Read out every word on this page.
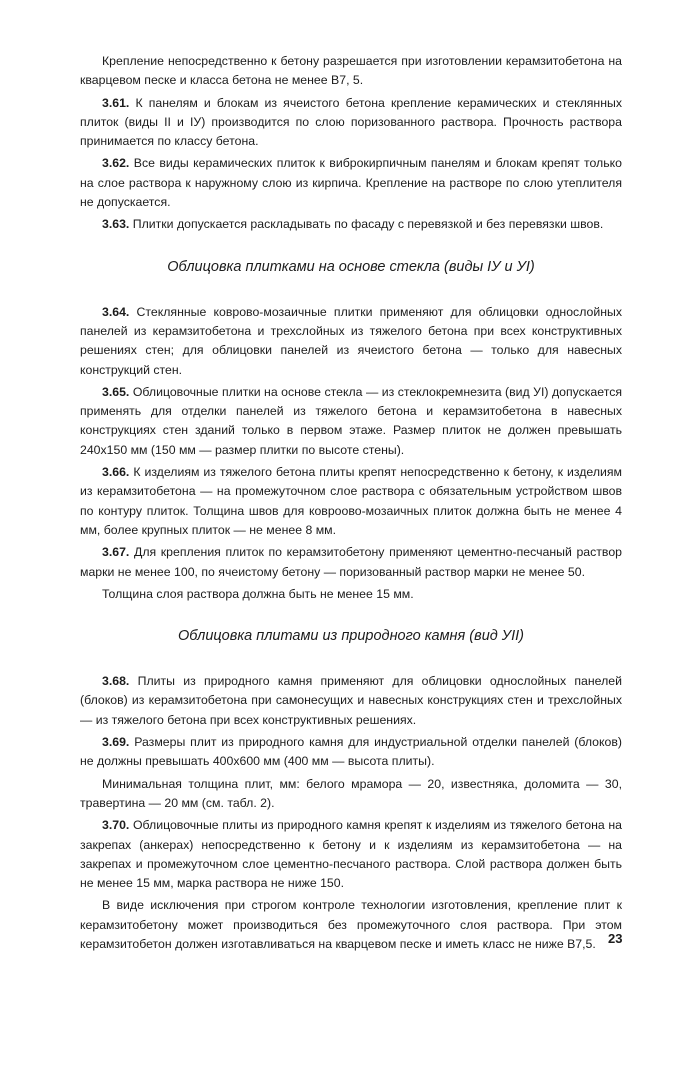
Крепление непосредственно к бетону разрешается при изготовлении керамзитобетона на кварцевом песке и класса бетона не менее В7, 5.

3.61. К панелям и блокам из ячеистого бетона крепление керамических и стеклянных плиток (виды II и IУ) производится по слою поризованного раствора. Прочность раствора принимается по классу бетона.

3.62. Все виды керамических плиток к виброкирпичным панелям и блокам крепят только на слое раствора к наружному слою из кирпича. Крепление на растворе по слою утеплителя не допускается.

3.63. Плитки допускается раскладывать по фасаду с перевязкой и без перевязки швов.

Облицовка плитками на основе стекла (виды IУ и УI)

3.64. Стеклянные коврово-мозаичные плитки применяют для облицовки однослойных панелей из керамзитобетона и трехслойных из тяжелого бетона при всех конструктивных решениях стен; для облицовки панелей из ячеистого бетона — только для навесных конструкций стен.

3.65. Облицовочные плитки на основе стекла — из стеклокремнезита (вид УI) допускается применять для отделки панелей из тяжелого бетона и керамзитобетона в навесных конструкциях стен зданий только в первом этаже. Размер плиток не должен превышать 240х150 мм (150 мм — размер плитки по высоте стены).

3.66. К изделиям из тяжелого бетона плиты крепят непосредственно к бетону, к изделиям из керамзитобетона — на промежуточном слое раствора с обязательным устройством швов по контуру плиток. Толщина швов для ковроово-мозаичных плиток должна быть не менее 4 мм, более крупных плиток — не менее 8 мм.

3.67. Для крепления плиток по керамзитобетону применяют цементно-песчаный раствор марки не менее 100, по ячеистому бетону — поризованный раствор марки не менее 50.

Толщина слоя раствора должна быть не менее 15 мм.

Облицовка плитами из природного камня (вид УII)

3.68. Плиты из природного камня применяют для облицовки однослойных панелей (блоков) из керамзитобетона при самонесущих и навесных конструкциях стен и трехслойных — из тяжелого бетона при всех конструктивных решениях.

3.69. Размеры плит из природного камня для индустриальной отделки панелей (блоков) не должны превышать 400х600 мм (400 мм — высота плиты).

Минимальная толщина плит, мм: белого мрамора — 20, известняка, доломита — 30, травертина — 20 мм (см. табл. 2).

3.70. Облицовочные плиты из природного камня крепят к изделиям из тяжелого бетона на закрепах (анкерах) непосредственно к бетону и к изделиям из керамзитобетона — на закрепах и промежуточном слое цементно-песчаного раствора. Слой раствора должен быть не менее 15 мм, марка раствора не ниже 150.

В виде исключения при строгом контроле технологии изготовления, крепление плит к керамзитобетону может производиться без промежуточного слоя раствора. При этом керамзитобетон должен изготавливаться на кварцевом песке и иметь класс не ниже В7,5. 23
